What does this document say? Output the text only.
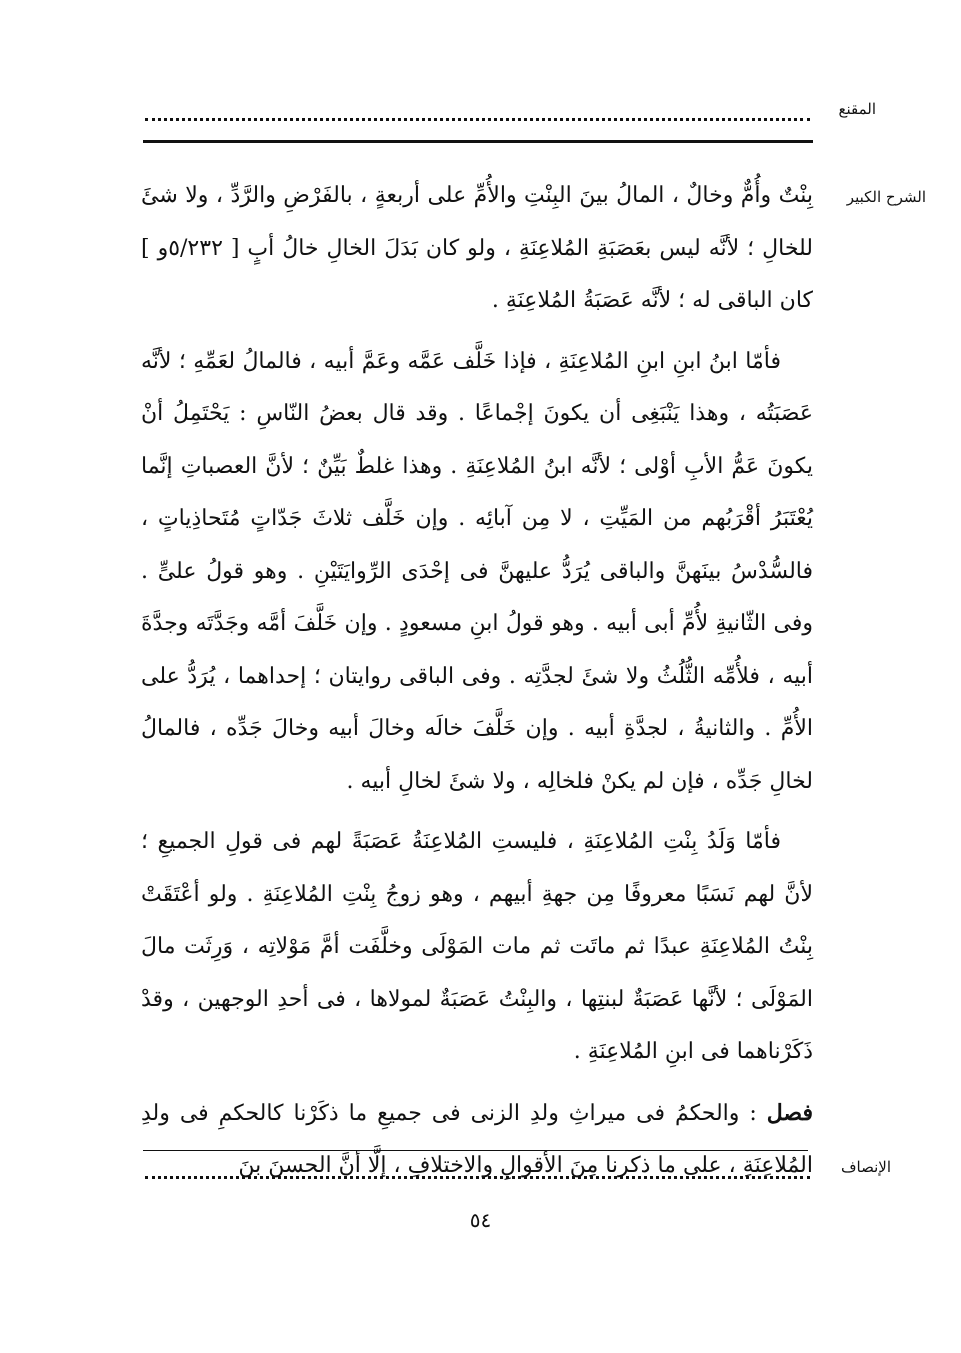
المقنع
الشرح الكبير

بِنْتٌ وأُمٌّ وخالٌ ، المالُ بينَ البِنْتِ والأُمِّ على أربعةٍ ، بالفَرْضِ والرَّدِّ ، ولا شئَ للخالِ ؛ لأنَّه ليس بعَصَبَةِ المُلاعِنَةِ ، ولو كان بَدَلَ الخالِ خالُ أبٍ [ ٥/٢٣٢و ] كان الباقى له ؛ لأنَّه عَصَبَةُ المُلاعِنَةِ .

فأمّا ابنُ ابنِ ابنِ المُلاعِنَةِ ، فإذا خَلَّف عَمَّه وعَمَّ أبيه ، فالمالُ لعَمِّهِ ؛ لأنَّه عَصَبَتُه ، وهذا يَنْبَغِى أن يكونَ إجْماعًا . وقد قال بعضُ النّاسِ : يَحْتَمِلُ أنْ يكونَ عَمُّ الأبِ أوْلى ؛ لأنَّه ابنُ المُلاعِنَةِ . وهذا غلطٌ بَيِّنٌ ؛ لأنَّ العصباتِ إنَّما يُعْتَبَرُ أقْرَبُهم من المَيِّتِ ، لا مِن آبائِه . وإن خَلَّف ثلاثَ جَدّاتٍ مُتَحاذِياتٍ ، فالسُّدْسُ بينَهنَّ والباقى يُرَدُّ عليهنَّ فى إحْدَى الرِّوايَتَيْنِ . وهو قولُ علىٍّ . وفى الثّانيةِ لأُمِّ أبى أبيه . وهو قولُ ابنِ مسعودٍ . وإن خَلَّفَ أمَّه وجَدَّتَه وجدَّةَ أبيه ، فلأُمِّه الثُّلُثُ ولا شئَ لجدَّتِه . وفى الباقى روايتان ؛ إحداهما ، يُرَدُّ على الأُمِّ . والثانيةُ ، لجدَّةِ أبيه . وإن خَلَّفَ خالَه وخالَ أبيه وخالَ جَدِّه ، فالمالُ لخالِ جَدِّه ، فإن لم يكنْ فلخالِه ، ولا شئَ لخالِ أبيه .

فأمّا وَلَدُ بِنْتِ المُلاعِنَةِ ، فليستِ المُلاعِنَةُ عَصَبَةً لهم فى قولِ الجميعِ ؛ لأنَّ لهم نَسَبًا معروفًا مِن جهةِ أبيهم ، وهو زوجُ بِنْتِ المُلاعِنَةِ . ولو أعْتَقَتْ بِنْتُ المُلاعِنَةِ عبدًا ثم ماتَت ثم مات المَوْلَى وخلَّفَت أمَّ مَوْلاتِه ، وَرِثَت مالَ المَوْلَى ؛ لأنَّها عَصَبَةٌ لبنتِها ، والبِنْتُ عَصَبَةٌ لمولاها ، فى أحدِ الوجهين ، وقدْ ذَكَرْناهما فى ابنِ المُلاعِنَةِ .

فصل : والحكمُ فى ميراثِ ولدِ الزنى فى جميعِ ما ذكَرْنا كالحكمِ فى ولدِ المُلاعِنَةِ ، على ما ذكرنا مِنَ الأقوالِ والاختلافِ ، إلَّا أنَّ الحسنَ بنَ الإنصاف
٥٤
